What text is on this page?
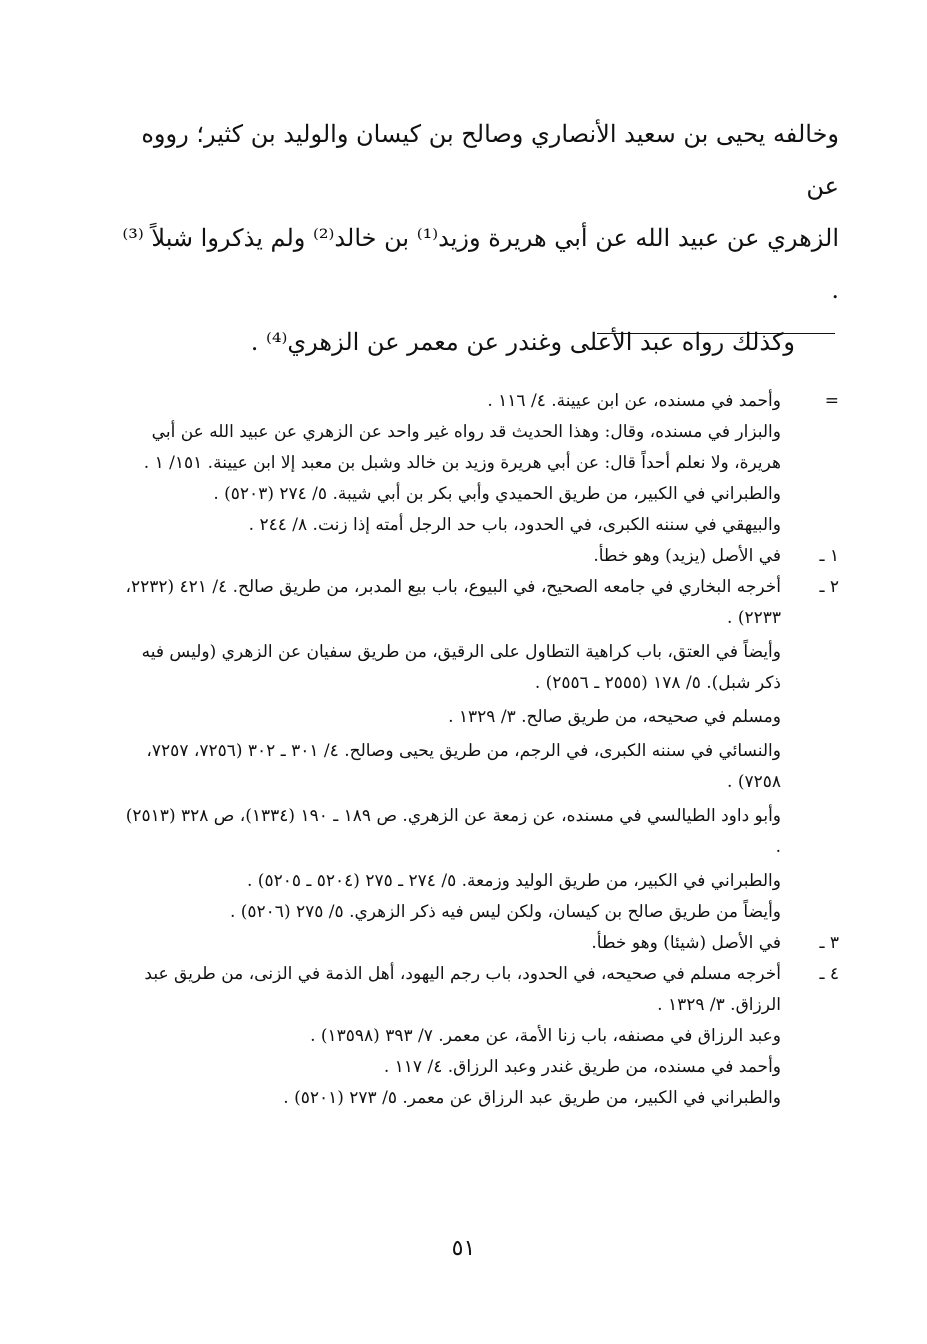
وخالفه يحيى بن سعيد الأنصاري وصالح بن كيسان والوليد بن كثير؛ رووه عن

الزهري عن عبيد الله عن أبي هريرة وزيد⁽¹⁾ بن خالد⁽²⁾ ولم يذكروا شبلاً ⁽³⁾ .

وكذلك رواه عبد الأعلى وغندر عن معمر عن الزهري⁽⁴⁾ .

=
وأحمد في مسنده، عن ابن عيينة. ٤/ ١١٦ .
والبزار في مسنده، وقال: وهذا الحديث قد رواه غير واحد عن الزهري عن عبيد الله عن أبي هريرة، ولا نعلم أحداً قال: عن أبي هريرة وزيد بن خالد وشبل بن معبد إلا ابن عيينة. ١٥١/ ١ .
والطبراني في الكبير، من طريق الحميدي وأبي بكر بن أبي شيبة. ٥/ ٢٧٤ (٥٢٠٣) .
والبيهقي في سننه الكبرى، في الحدود، باب حد الرجل أمته إذا زنت. ٨/ ٢٤٤ .
١ ـ
في الأصل (يزيد) وهو خطأ.
٢ ـ
أخرجه البخاري في جامعه الصحيح، في البيوع، باب بيع المدبر، من طريق صالح. ٤/ ٤٢١ (٢٢٣٢، ٢٢٣٣) .
وأيضاً في العتق، باب كراهية التطاول على الرقيق، من طريق سفيان عن الزهري (وليس فيه ذكر شبل). ٥/ ١٧٨ (٢٥٥٥ ـ ٢٥٥٦) .
ومسلم في صحيحه، من طريق صالح. ٣/ ١٣٢٩ .
والنسائي في سننه الكبرى، في الرجم، من طريق يحيى وصالح. ٤/ ٣٠١ ـ ٣٠٢ (٧٢٥٦، ٧٢٥٧، ٧٢٥٨) .
وأبو داود الطيالسي في مسنده، عن زمعة عن الزهري. ص ١٨٩ ـ ١٩٠ (١٣٣٤)، ص ٣٢٨ (٢٥١٣) .
والطبراني في الكبير، من طريق الوليد وزمعة. ٥/ ٢٧٤ ـ ٢٧٥ (٥٢٠٤ ـ ٥٢٠٥) .
وأيضاً من طريق صالح بن كيسان، ولكن ليس فيه ذكر الزهري. ٥/ ٢٧٥ (٥٢٠٦) .
٣ ـ
في الأصل (شيئا) وهو خطأ.
٤ ـ
أخرجه مسلم في صحيحه، في الحدود، باب رجم اليهود، أهل الذمة في الزنى، من طريق عبد الرزاق. ٣/ ١٣٢٩ .
وعبد الرزاق في مصنفه، باب زنا الأمة، عن معمر. ٧/ ٣٩٣ (١٣٥٩٨) .
وأحمد في مسنده، من طريق غندر وعبد الرزاق. ٤/ ١١٧ .
والطبراني في الكبير، من طريق عبد الرزاق عن معمر. ٥/ ٢٧٣ (٥٢٠١) .
٥١
